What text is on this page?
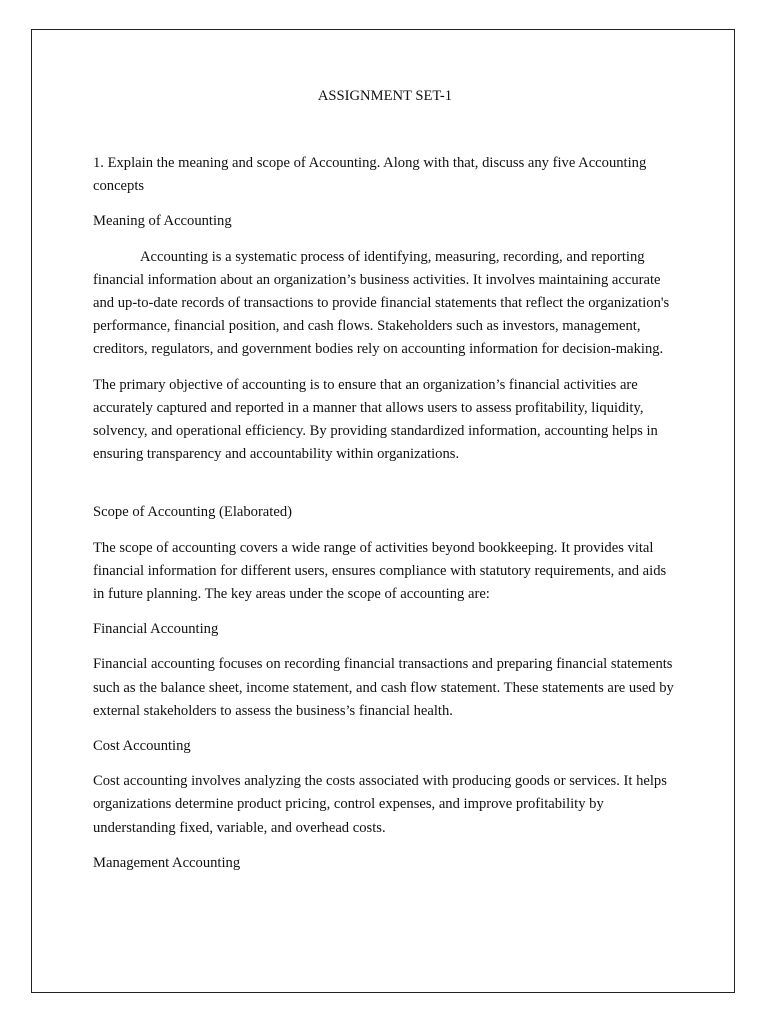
ASSIGNMENT SET-1

1. Explain the meaning and scope of Accounting. Along with that, discuss any five Accounting concepts

Meaning of Accounting

Accounting is a systematic process of identifying, measuring, recording, and reporting financial information about an organization’s business activities. It involves maintaining accurate and up-to-date records of transactions to provide financial statements that reflect the organization's performance, financial position, and cash flows. Stakeholders such as investors, management, creditors, regulators, and government bodies rely on accounting information for decision-making.

The primary objective of accounting is to ensure that an organization’s financial activities are accurately captured and reported in a manner that allows users to assess profitability, liquidity, solvency, and operational efficiency. By providing standardized information, accounting helps in ensuring transparency and accountability within organizations.

Scope of Accounting (Elaborated)

The scope of accounting covers a wide range of activities beyond bookkeeping. It provides vital financial information for different users, ensures compliance with statutory requirements, and aids in future planning. The key areas under the scope of accounting are:

Financial Accounting

Financial accounting focuses on recording financial transactions and preparing financial statements such as the balance sheet, income statement, and cash flow statement. These statements are used by external stakeholders to assess the business’s financial health.

Cost Accounting

Cost accounting involves analyzing the costs associated with producing goods or services. It helps organizations determine product pricing, control expenses, and improve profitability by understanding fixed, variable, and overhead costs.

Management Accounting
